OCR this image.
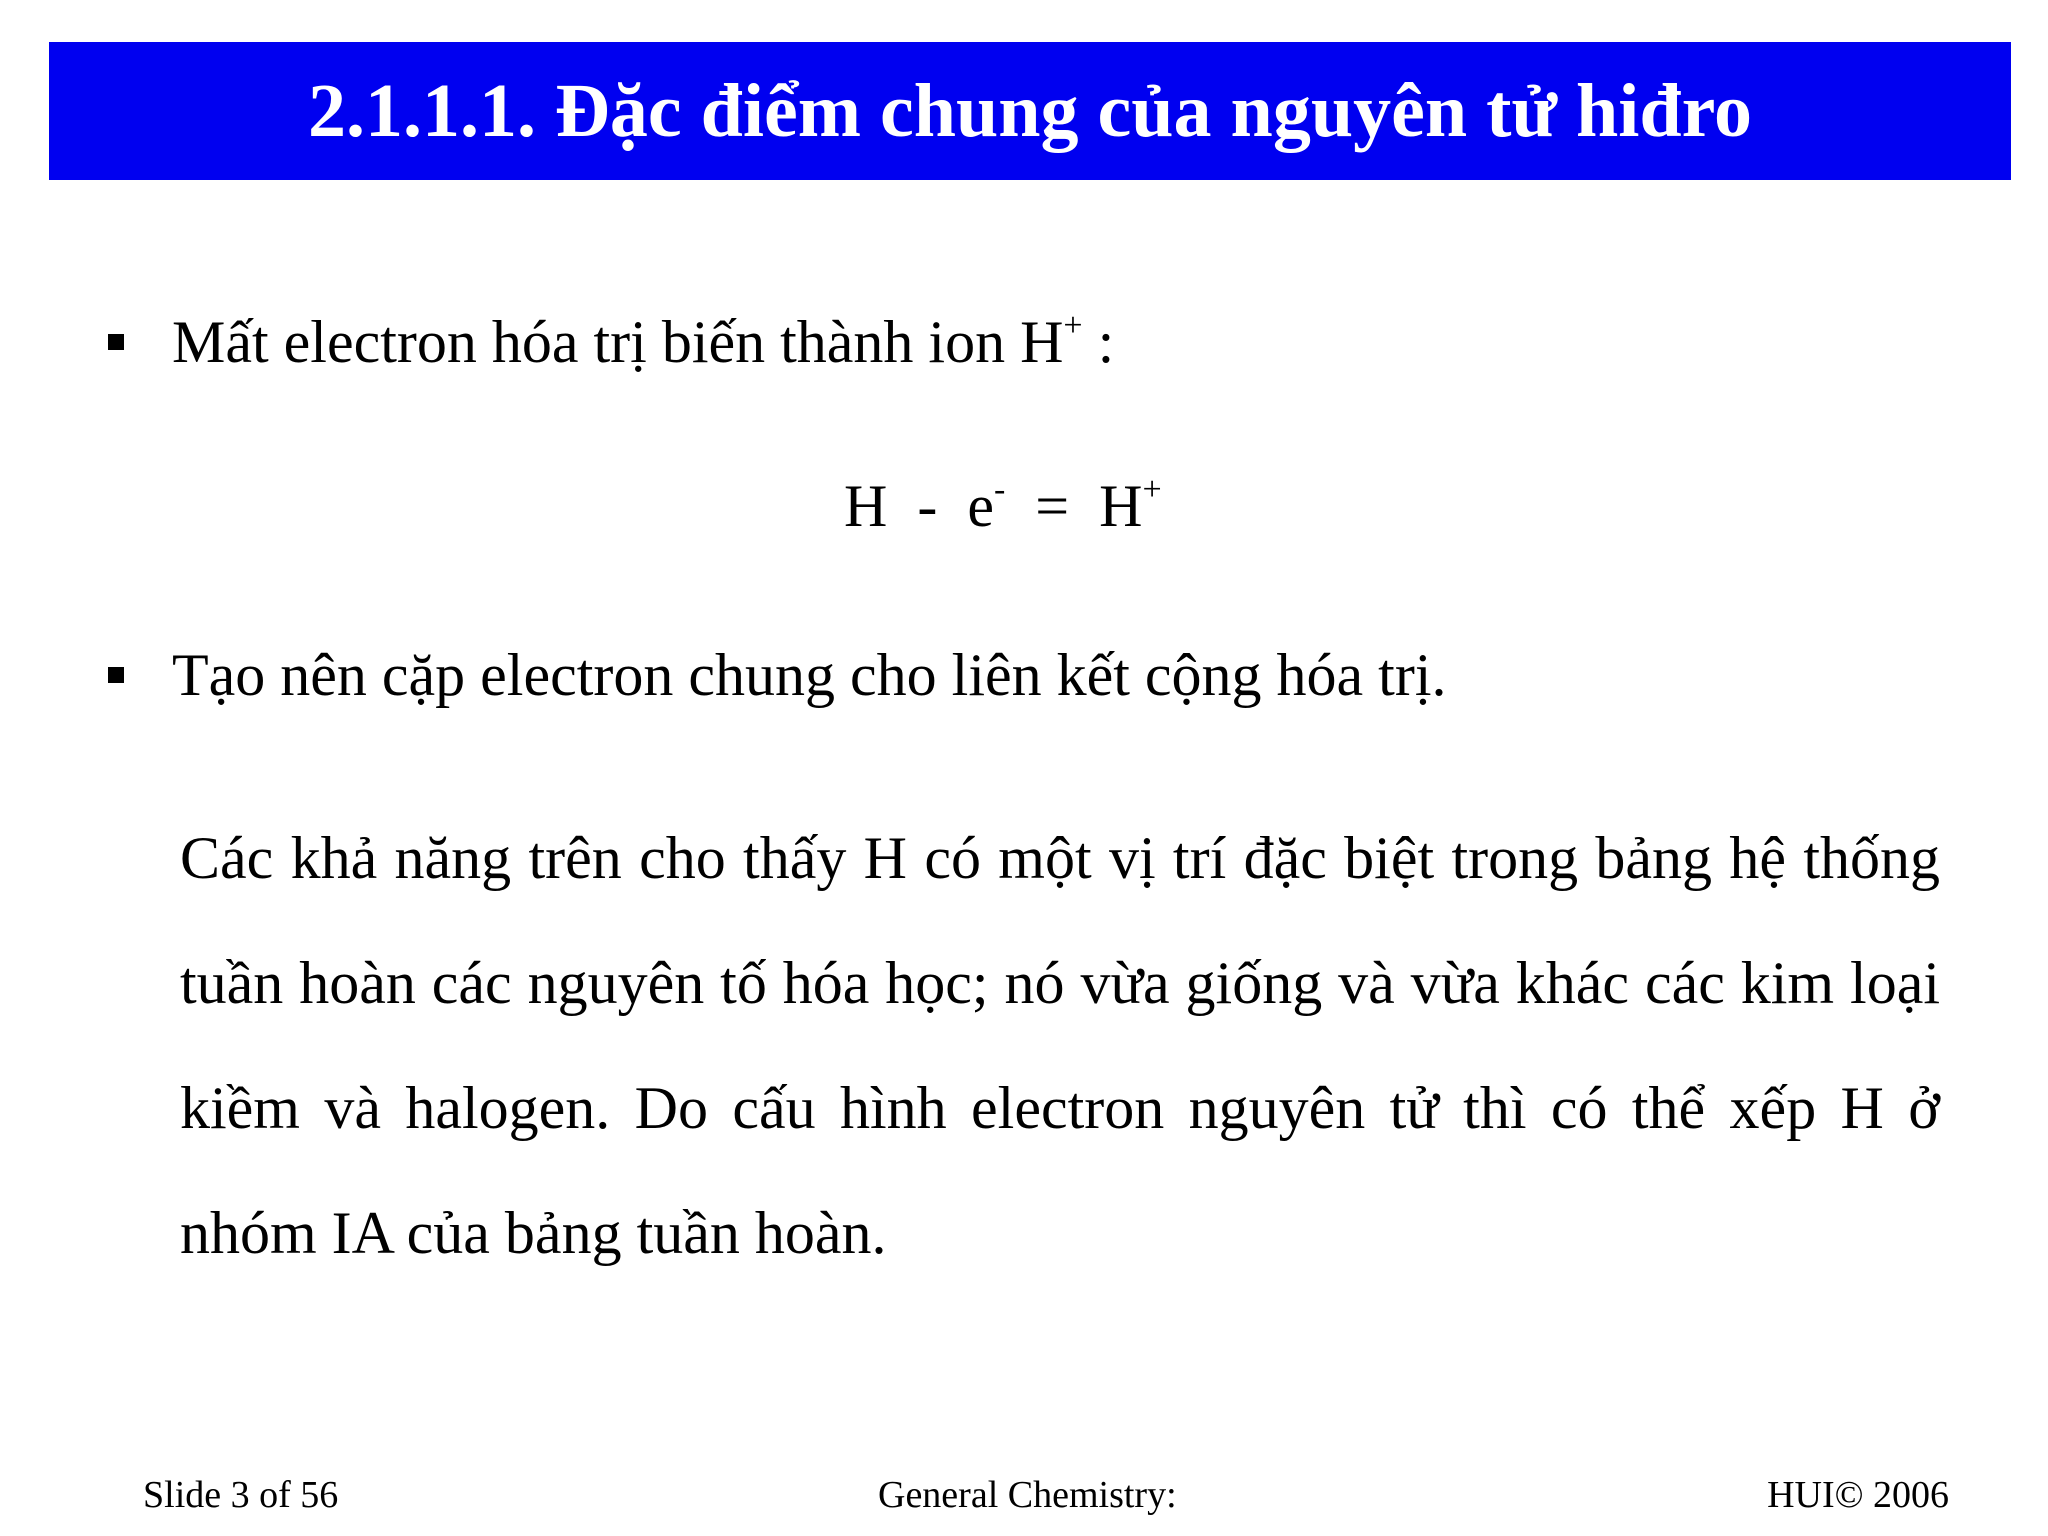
2.1.1.1. Đặc điểm chung của nguyên tử hiđro
Mất electron hóa trị biến thành ion H+ :
H - e- = H+
Tạo nên cặp electron chung cho liên kết cộng hóa trị.
Các khả năng trên cho thấy H có một vị trí đặc biệt trong bảng hệ thống tuần hoàn các nguyên tố hóa học; nó vừa giống và vừa khác các kim loại kiềm và halogen. Do cấu hình electron nguyên tử thì có thể xếp H ở nhóm IA của bảng tuần hoàn.
Slide 3 of 56	General Chemistry:	HUI© 2006
